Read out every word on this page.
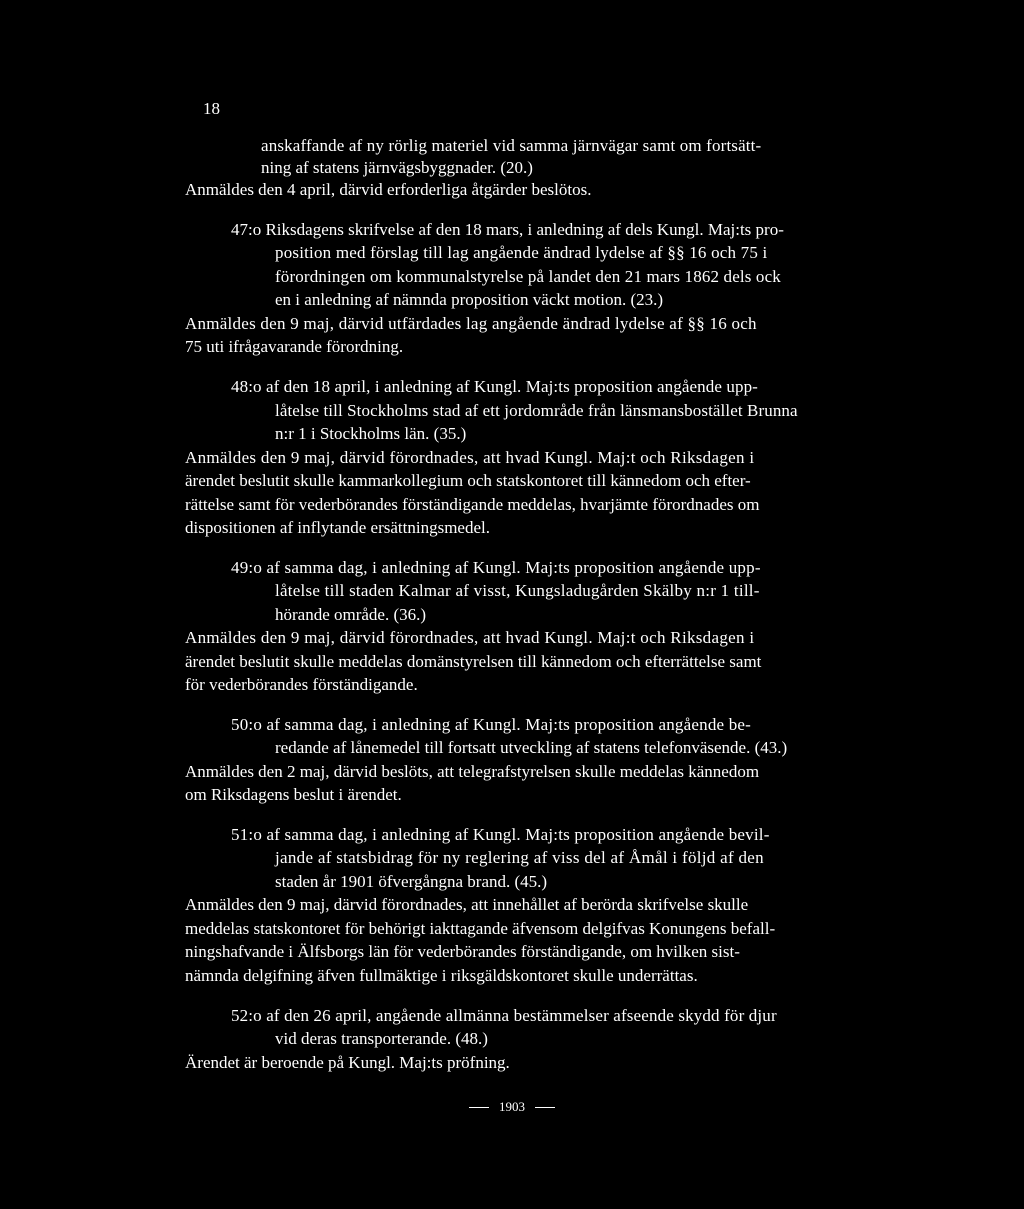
18
anskaffande af ny rörlig materiel vid samma järnvägar samt om fortsätt-
ning af statens järnvägsbyggnader. (20.)
Anmäldes den 4 april, därvid erforderliga åtgärder beslötos.
47:o Riksdagens skrifvelse af den 18 mars, i anledning af dels Kungl. Maj:ts pro-
position med förslag till lag angående ändrad lydelse af §§ 16 och 75 i
förordningen om kommunalstyrelse på landet den 21 mars 1862 dels ock
en i anledning af nämnda proposition väckt motion. (23.)
Anmäldes den 9 maj, därvid utfärdades lag angående ändrad lydelse af §§ 16 och
75 uti ifrågavarande förordning.
48:o af den 18 april, i anledning af Kungl. Maj:ts proposition angående upp-
låtelse till Stockholms stad af ett jordområde från länsmansbostället Brunna
n:r 1 i Stockholms län. (35.)
Anmäldes den 9 maj, därvid förordnades, att hvad Kungl. Maj:t och Riksdagen i
ärendet beslutit skulle kammarkollegium och statskontoret till kännedom och efter-
rättelse samt för vederbörandes förständigande meddelas, hvarjämte förordnades om
dispositionen af inflytande ersättningsmedel.
49:o af samma dag, i anledning af Kungl. Maj:ts proposition angående upp-
låtelse till staden Kalmar af visst, Kungsladugården Skälby n:r 1 till-
hörande område. (36.)
Anmäldes den 9 maj, därvid förordnades, att hvad Kungl. Maj:t och Riksdagen i
ärendet beslutit skulle meddelas domänstyrelsen till kännedom och efterrättelse samt
för vederbörandes förständigande.
50:o af samma dag, i anledning af Kungl. Maj:ts proposition angående be-
redande af lånemedel till fortsatt utveckling af statens telefonväsende. (43.)
Anmäldes den 2 maj, därvid beslöts, att telegrafstyrelsen skulle meddelas kännedom
om Riksdagens beslut i ärendet.
51:o af samma dag, i anledning af Kungl. Maj:ts proposition angående bevil-
jande af statsbidrag för ny reglering af viss del af Åmål i följd af den
staden år 1901 öfvergångna brand. (45.)
Anmäldes den 9 maj, därvid förordnades, att innehållet af berörda skrifvelse skulle
meddelas statskontoret för behörigt iakttagande äfvensom delgifvas Konungens befall-
ningshafvande i Älfsborgs län för vederbörandes förständigande, om hvilken sist-
nämnda delgifning äfven fullmäktige i riksgäldskontoret skulle underrättas.
52:o af den 26 april, angående allmänna bestämmelser afseende skydd för djur
vid deras transporterande. (48.)
Ärendet är beroende på Kungl. Maj:ts pröfning.
1903
